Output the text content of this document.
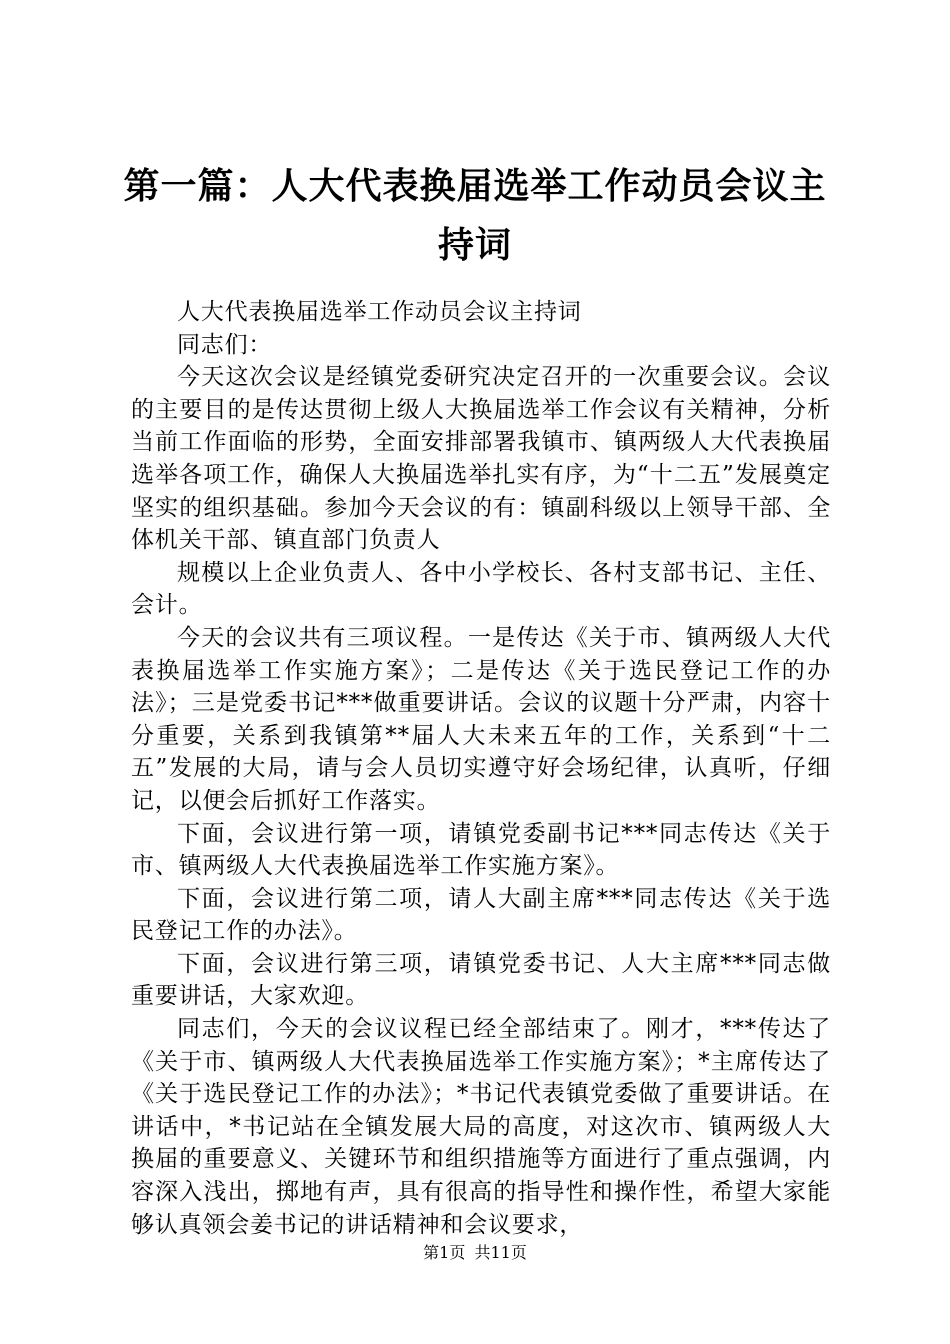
第一篇：人大代表换届选举工作动员会议主持词

人大代表换届选举工作动员会议主持词

同志们：

今天这次会议是经镇党委研究决定召开的一次重要会议。会议的主要目的是传达贯彻上级人大换届选举工作会议有关精神，分析当前工作面临的形势，全面安排部署我镇市、镇两级人大代表换届选举各项工作，确保人大换届选举扎实有序，为“十二五”发展奠定坚实的组织基础。参加今天会议的有：镇副科级以上领导干部、全体机关干部、镇直部门负责人

规模以上企业负责人、各中小学校长、各村支部书记、主任、会计。

今天的会议共有三项议程。一是传达《关于市、镇两级人大代表换届选举工作实施方案》；二是传达《关于选民登记工作的办法》；三是党委书记***做重要讲话。会议的议题十分严肃，内容十分重要，关系到我镇第**届人大未来五年的工作，关系到“十二五”发展的大局，请与会人员切实遵守好会场纪律，认真听，仔细记，以便会后抓好工作落实。

下面，会议进行第一项，请镇党委副书记***同志传达《关于市、镇两级人大代表换届选举工作实施方案》。

下面，会议进行第二项，请人大副主席***同志传达《关于选民登记工作的办法》。

下面，会议进行第三项，请镇党委书记、人大主席***同志做重要讲话，大家欢迎。

同志们，今天的会议议程已经全部结束了。刚才，***传达了《关于市、镇两级人大代表换届选举工作实施方案》；*主席传达了《关于选民登记工作的办法》；*书记代表镇党委做了重要讲话。在讲话中，*书记站在全镇发展大局的高度，对这次市、镇两级人大换届的重要意义、关键环节和组织措施等方面进行了重点强调，内容深入浅出，掷地有声，具有很高的指导性和操作性，希望大家能够认真领会姜书记的讲话精神和会议要求，

第1页 共11页
